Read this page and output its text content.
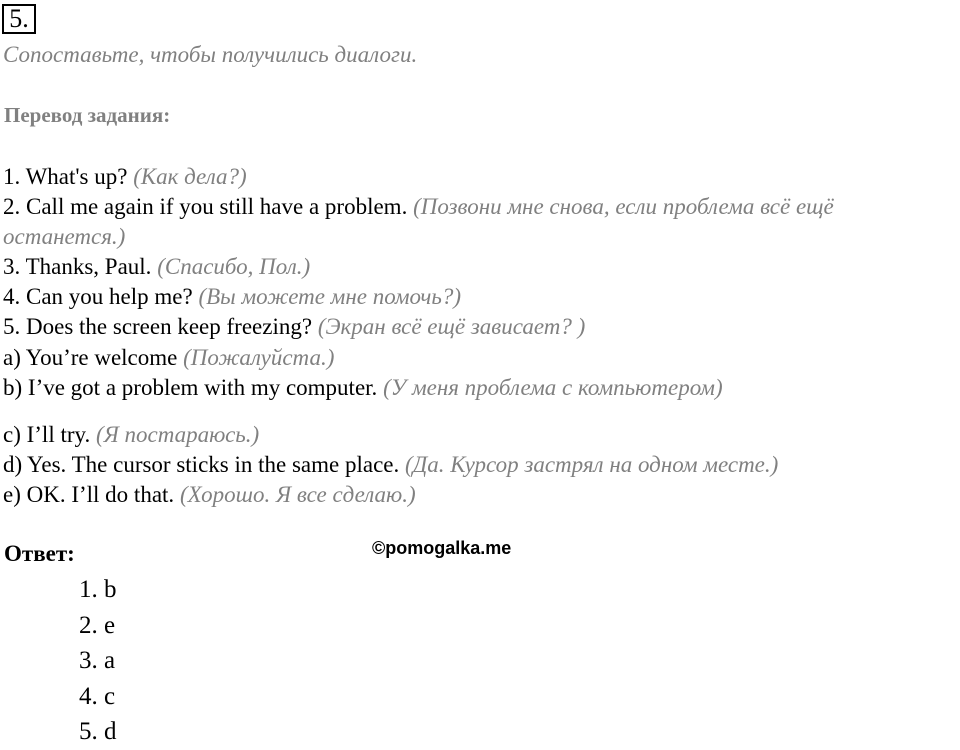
5.
Сопоставьте, чтобы получились диалоги.
Перевод задания:
1. What's up? (Как дела?)
2. Call me again if you still have a problem. (Позвони мне снова, если проблема всё ещё останется.)
3. Thanks, Paul. (Спасибо, Пол.)
4. Can you help me? (Вы можете мне помочь?)
5. Does the screen keep freezing? (Экран всё ещё зависает? )
a) You’re welcome (Пожалуйста.)
b) I’ve got a problem with my computer. (У меня проблема с компьютером)
c) I’ll try. (Я постараюсь.)
d) Yes. The cursor sticks in the same place. (Да. Курсор застрял на одном месте.)
e) OK. I’ll do that. (Хорошо. Я все сделаю.)
Ответ:	©pomogalka.me
1. b
2. e
3. a
4. c
5. d
